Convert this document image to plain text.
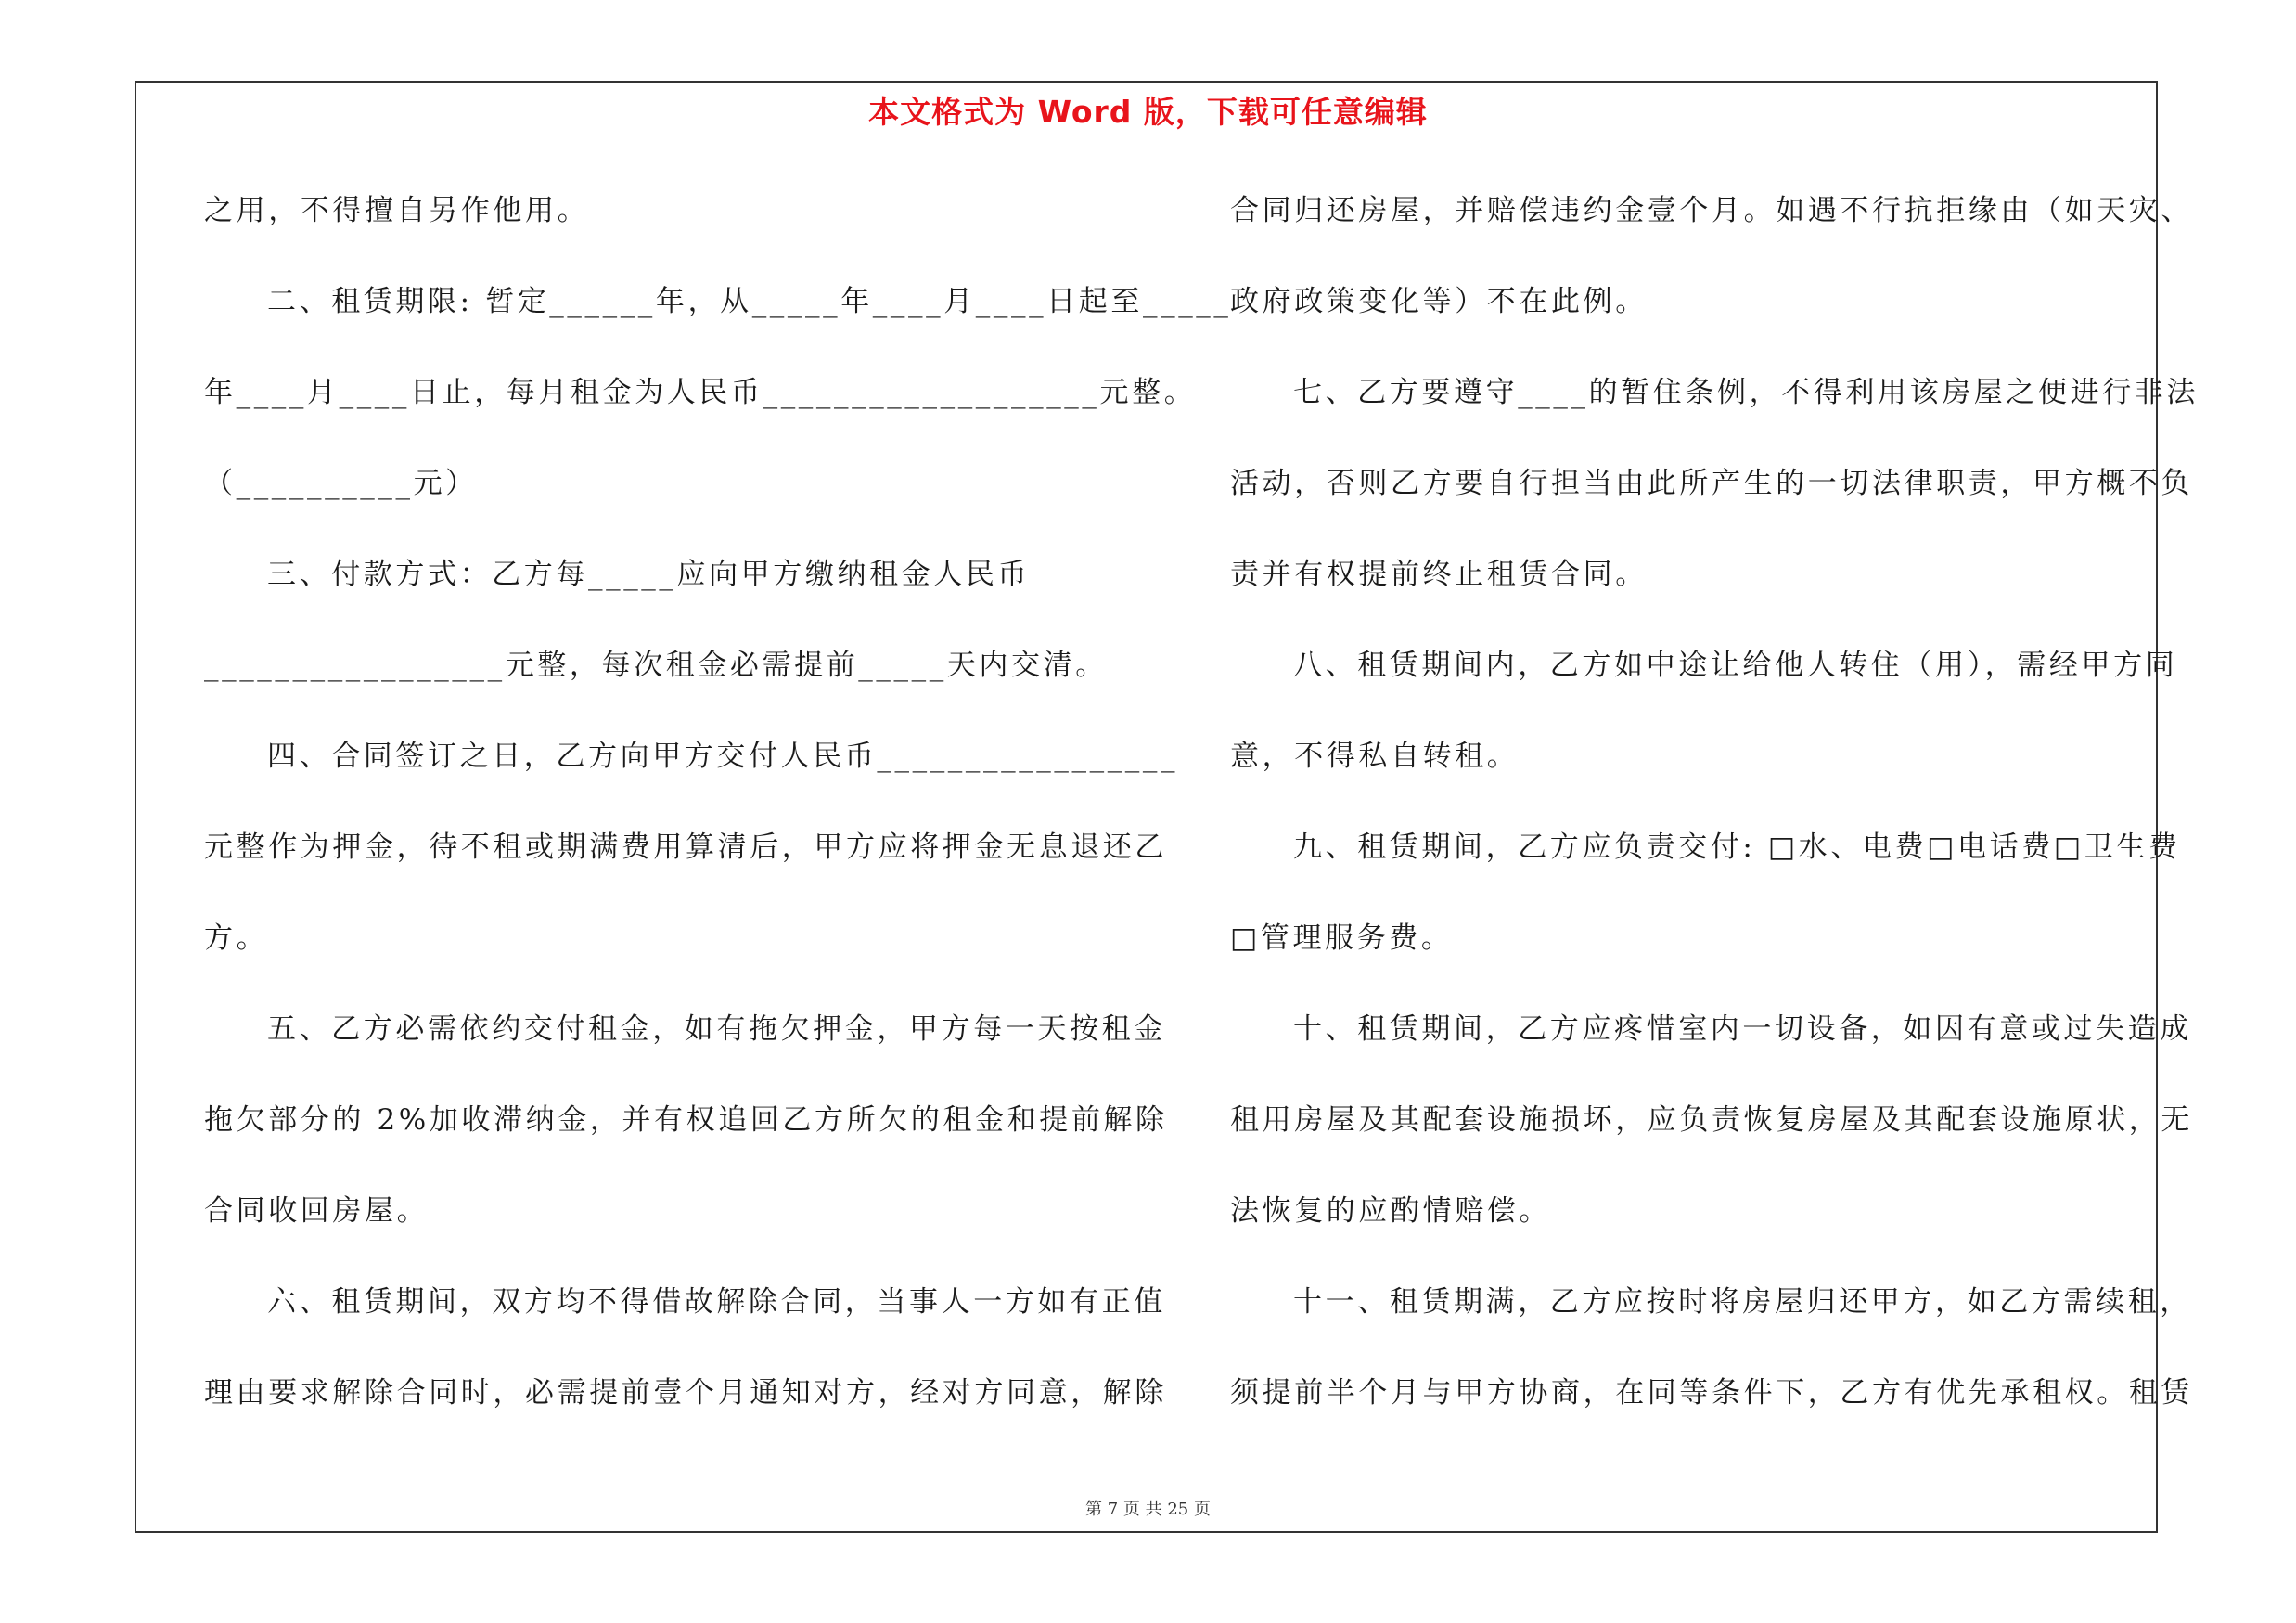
本文格式为 Word 版，下载可任意编辑
之用，不得擅自另作他用。
二、租赁期限: 暂定______年，从_____年____月____日起至_____
年____月____日止，每月租金为人民币___________________元整。
（__________元）
三、付款方式：乙方每_____应向甲方缴纳租金人民币
_________________元整，每次租金必需提前_____天内交清。
四、合同签订之日，乙方向甲方交付人民币_________________
元整作为押金，待不租或期满费用算清后，甲方应将押金无息退还乙
方。
五、乙方必需依约交付租金，如有拖欠押金，甲方每一天按租金
拖欠部分的 2%加收滞纳金，并有权追回乙方所欠的租金和提前解除
合同收回房屋。
六、租赁期间，双方均不得借故解除合同，当事人一方如有正值
理由要求解除合同时，必需提前壹个月通知对方，经对方同意，解除
合同归还房屋，并赔偿违约金壹个月。如遇不行抗拒缘由（如天灾、
政府政策变化等）不在此例。
七、乙方要遵守____的暂住条例，不得利用该房屋之便进行非法
活动，否则乙方要自行担当由此所产生的一切法律职责，甲方概不负
责并有权提前终止租赁合同。
八、租赁期间内，乙方如中途让给他人转住（用），需经甲方同
意，不得私自转租。
九、租赁期间，乙方应负责交付: □水、电费□电话费□卫生费
□管理服务费。
十、租赁期间，乙方应疼惜室内一切设备，如因有意或过失造成
租用房屋及其配套设施损坏，应负责恢复房屋及其配套设施原状，无
法恢复的应酌情赔偿。
十一、租赁期满，乙方应按时将房屋归还甲方，如乙方需续租，
须提前半个月与甲方协商，在同等条件下，乙方有优先承租权。租赁
第 7 页 共 25 页
